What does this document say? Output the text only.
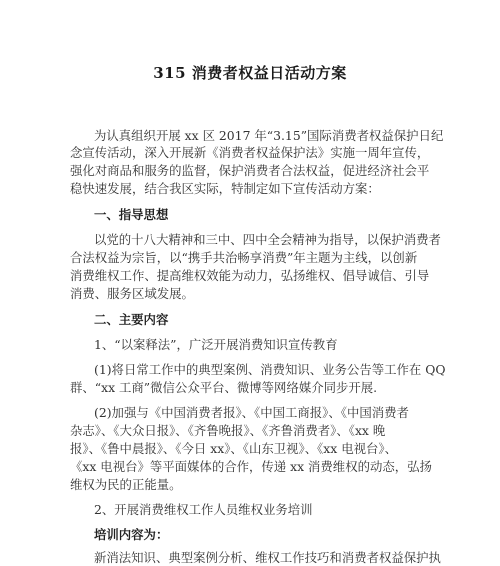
315 消费者权益日活动方案
为认真组织开展 xx 区 2017 年“3.15”国际消费者权益保护日纪
念宣传活动，深入开展新《消费者权益保护法》实施一周年宣传，
强化对商品和服务的监督，保护消费者合法权益，促进经济社会平
稳快速发展，结合我区实际，特制定如下宣传活动方案：
一、指导思想
以党的十八大精神和三中、四中全会精神为指导，以保护消费者
合法权益为宗旨，以“携手共治畅享消费”年主题为主线，以创新
消费维权工作、提高维权效能为动力，弘扬维权、倡导诚信、引导
消费、服务区域发展。
二、主要内容
1、“以案释法”，广泛开展消费知识宣传教育
(1)将日常工作中的典型案例、消费知识、业务公告等工作在 QQ
群、“xx 工商”微信公众平台、微博等网络媒介同步开展.
(2)加强与《中国消费者报》、《中国工商报》、《中国消费者
杂志》、《大众日报》、《齐鲁晚报》、《齐鲁消费者》、《xx 晚
报》、《鲁中晨报》、《今日 xx》、《山东卫视》、《xx 电视台》、
《xx 电视台》等平面媒体的合作，传递 xx 消费维权的动态，弘扬
维权为民的正能量。
2、开展消费维权工作人员维权业务培训
培训内容为：
新消法知识、典型案例分析、维权工作技巧和消费者权益保护执
